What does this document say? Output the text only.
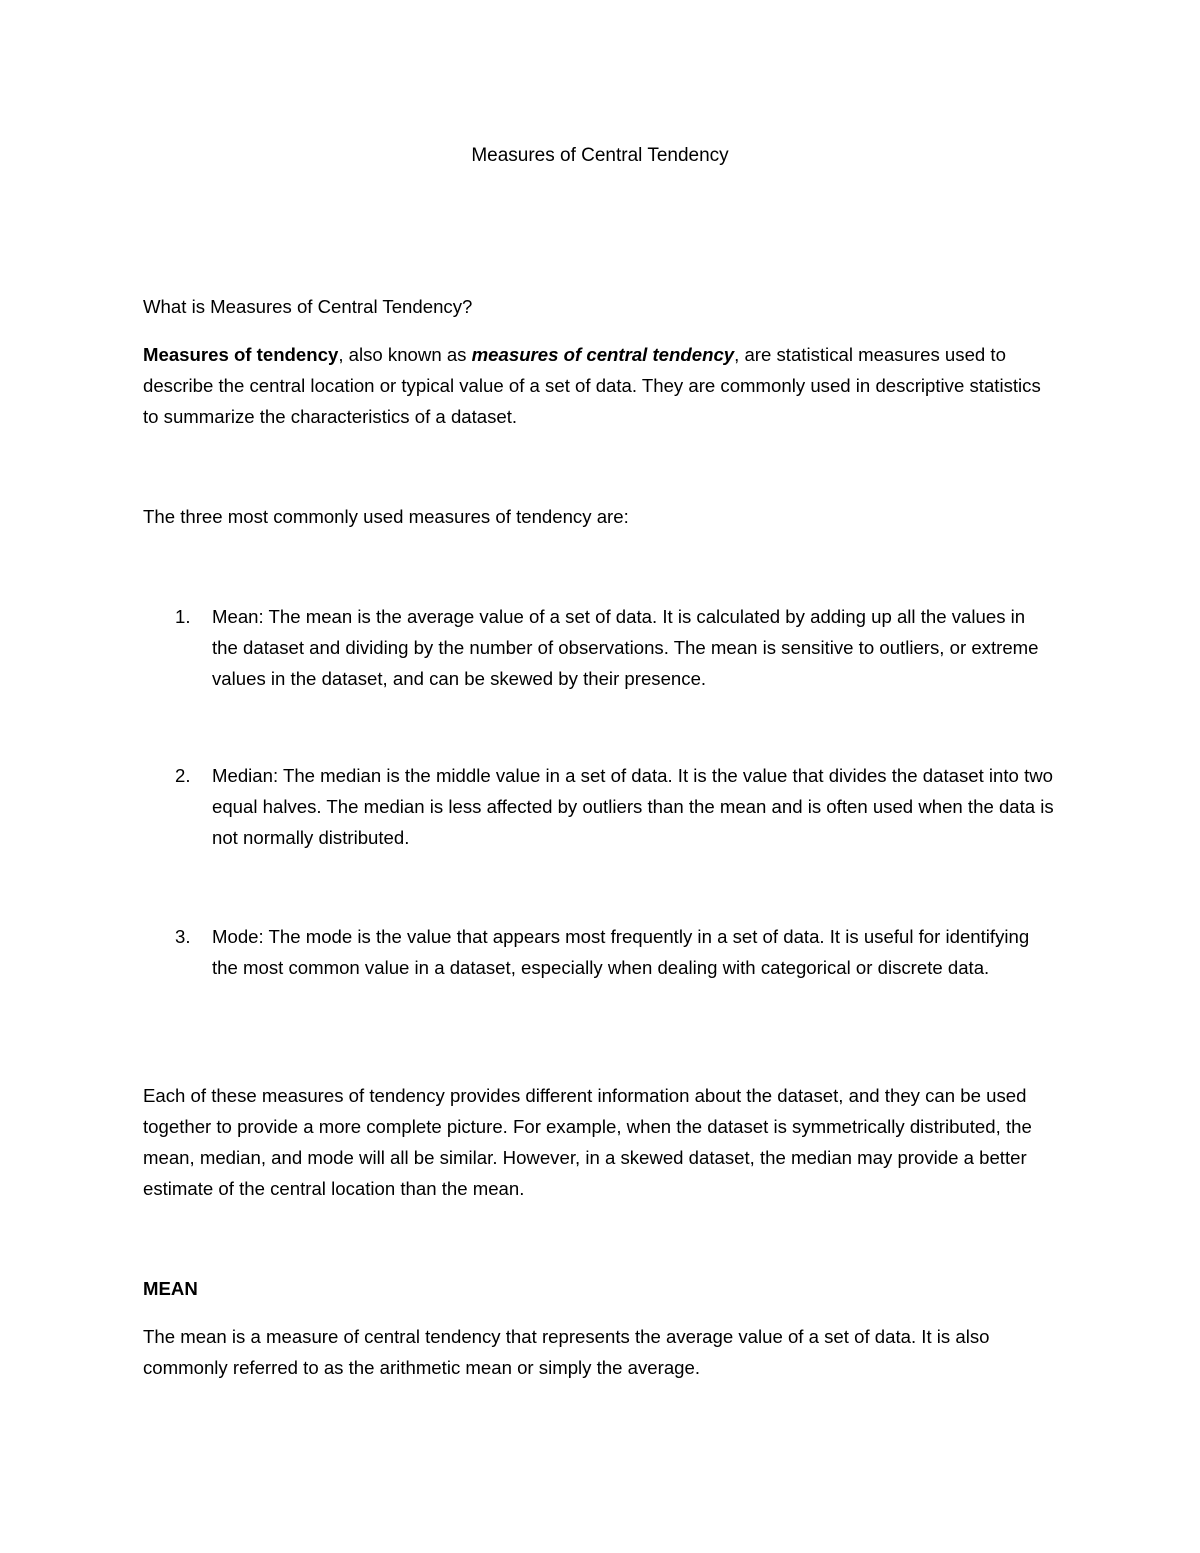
Measures of Central Tendency

What is Measures of Central Tendency?

Measures of tendency, also known as measures of central tendency, are statistical measures used to describe the central location or typical value of a set of data. They are commonly used in descriptive statistics to summarize the characteristics of a dataset.

The three most commonly used measures of tendency are:

1.	Mean: The mean is the average value of a set of data. It is calculated by adding up all the values in the dataset and dividing by the number of observations. The mean is sensitive to outliers, or extreme values in the dataset, and can be skewed by their presence.
2.	Median: The median is the middle value in a set of data. It is the value that divides the dataset into two equal halves. The median is less affected by outliers than the mean and is often used when the data is not normally distributed.
3.	Mode: The mode is the value that appears most frequently in a set of data. It is useful for identifying the most common value in a dataset, especially when dealing with categorical or discrete data.

Each of these measures of tendency provides different information about the dataset, and they can be used together to provide a more complete picture. For example, when the dataset is symmetrically distributed, the mean, median, and mode will all be similar. However, in a skewed dataset, the median may provide a better estimate of the central location than the mean.

MEAN

The mean is a measure of central tendency that represents the average value of a set of data. It is also commonly referred to as the arithmetic mean or simply the average.
